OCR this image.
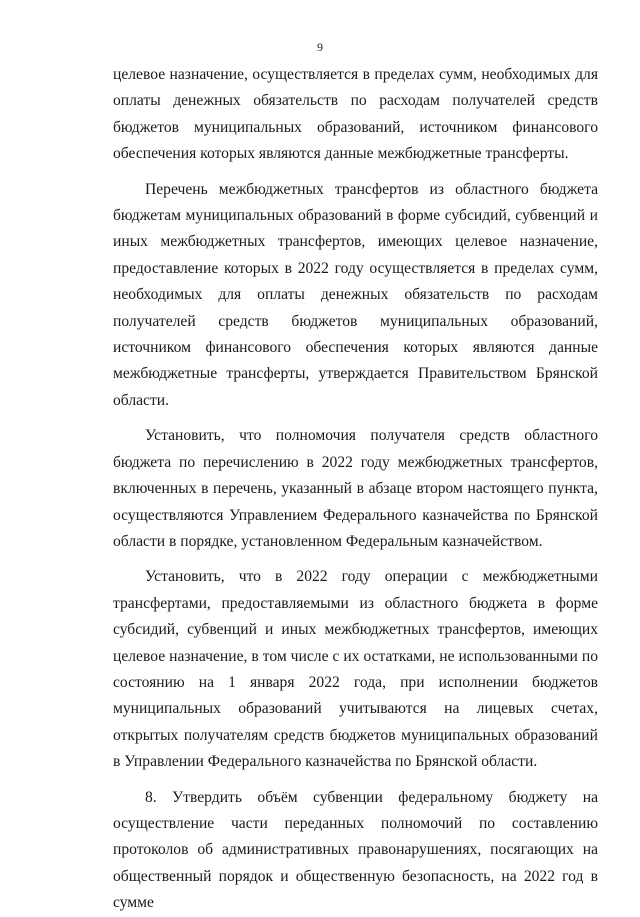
9

целевое назначение, осуществляется в пределах сумм, необходимых для оплаты денежных обязательств по расходам получателей средств бюджетов муниципальных образований, источником финансового обеспечения которых являются данные межбюджетные трансферты.

Перечень межбюджетных трансфертов из областного бюджета бюджетам муниципальных образований в форме субсидий, субвенций и иных межбюджетных трансфертов, имеющих целевое назначение, предоставление которых в 2022 году осуществляется в пределах сумм, необходимых для оплаты денежных обязательств по расходам получателей средств бюджетов муниципальных образований, источником финансового обеспечения которых являются данные межбюджетные трансферты, утверждается Правительством Брянской области.

Установить, что полномочия получателя средств областного бюджета по перечислению в 2022 году межбюджетных трансфертов, включенных в перечень, указанный в абзаце втором настоящего пункта, осуществляются Управлением Федерального казначейства по Брянской области в порядке, установленном Федеральным казначейством.

Установить, что в 2022 году операции с межбюджетными трансфертами, предоставляемыми из областного бюджета в форме субсидий, субвенций и иных межбюджетных трансфертов, имеющих целевое назначение, в том числе с их остатками, не использованными по состоянию на 1 января 2022 года, при исполнении бюджетов муниципальных образований учитываются на лицевых счетах, открытых получателям средств бюджетов муниципальных образований в Управлении Федерального казначейства по Брянской области.

8. Утвердить объём субвенции федеральному бюджету на осуществление части переданных полномочий по составлению протоколов об административных правонарушениях, посягающих на общественный порядок и общественную безопасность, на 2022 год в сумме
